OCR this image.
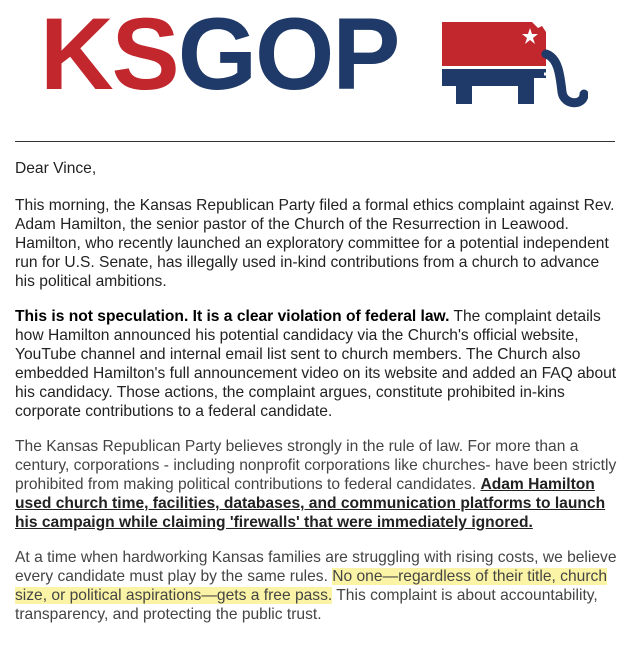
KSGOP

Dear Vince,

This morning, the Kansas Republican Party filed a formal ethics complaint against Rev. Adam Hamilton, the senior pastor of the Church of the Resurrection in Leawood. Hamilton, who recently launched an exploratory committee for a potential independent run for U.S. Senate, has illegally used in-kind contributions from a church to advance his political ambitions.

This is not speculation. It is a clear violation of federal law. The complaint details how Hamilton announced his potential candidacy via the Church's official website, YouTube channel and internal email list sent to church members. The Church also embedded Hamilton's full announcement video on its website and added an FAQ about his candidacy. Those actions, the complaint argues, constitute prohibited in-kins corporate contributions to a federal candidate.

The Kansas Republican Party believes strongly in the rule of law. For more than a century, corporations - including nonprofit corporations like churches- have been strictly prohibited from making political contributions to federal candidates. Adam Hamilton used church time, facilities, databases, and communication platforms to launch his campaign while claiming 'firewalls' that were immediately ignored.

At a time when hardworking Kansas families are struggling with rising costs, we believe every candidate must play by the same rules. No one—regardless of their title, church size, or political aspirations—gets a free pass. This complaint is about accountability, transparency, and protecting the public trust.
